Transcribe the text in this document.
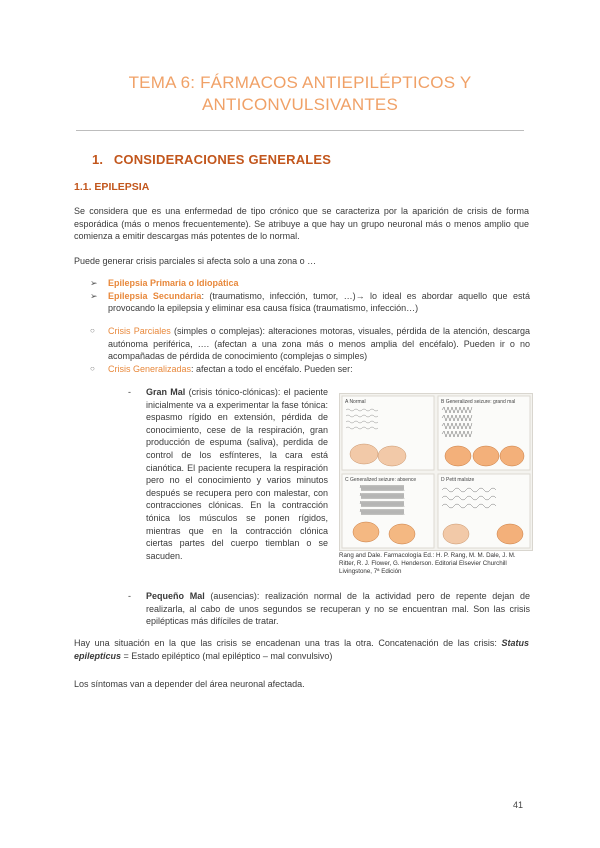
TEMA 6: FÁRMACOS ANTIEPILÉPTICOS Y
ANTICONVULSIVANTES
1. CONSIDERACIONES GENERALES
1.1. EPILEPSIA

Se considera que es una enfermedad de tipo crónico que se caracteriza por la aparición de crisis de forma esporádica (más o menos frecuentemente). Se atribuye a que hay un grupo neuronal más o menos amplio que comienza a emitir descargas más potentes de lo normal.

Puede generar crisis parciales si afecta solo a una zona o …

➢ Epilepsia Primaria o Idiopática
➢ Epilepsia Secundaria: (traumatismo, infección, tumor, …)→ lo ideal es abordar aquello que está provocando la epilepsia y eliminar esa causa física (traumatismo, infección…)
○ Crisis Parciales (simples o complejas): alteraciones motoras, visuales, pérdida de la atención, descarga autónoma periférica, …. (afectan a una zona más o menos amplia del encéfalo). Pueden ir o no acompañadas de pérdida de conocimiento (complejas o simples)
○ Crisis Generalizadas: afectan a todo el encéfalo. Pueden ser:
-	Gran Mal (crisis tónico-clónicas): el paciente inicialmente va a experimentar la fase tónica: espasmo rígido en extensión, pérdida de conocimiento, cese de la respiración, gran producción de espuma (saliva), perdida de control de los esfínteres, la cara está cianótica. El paciente recupera la respiración pero no el conocimiento y varios minutos después se recupera pero con malestar, con contracciones clónicas. En la contracción tónica los músculos se ponen rígidos, mientras que en la contracción clónica ciertas partes del cuerpo tiemblan o se sacuden.
A Normal	B Generalized seizure: grand mal
C Generalized seizure: absence	D Petit malsize
Rang and Dale. Farmacología Ed.: H. P. Rang, M. M. Dale, J. M. Ritter, R. J. Flower, G. Henderson. Editorial Elsevier Churchill Livingstone, 7ª Edición
-	Pequeño Mal (ausencias): realización normal de la actividad pero de repente dejan de realizarla, al cabo de unos segundos se recuperan y no se encuentran mal. Son las crisis epilépticas más difíciles de tratar.

Hay una situación en la que las crisis se encadenan una tras la otra. Concatenación de las crisis: Status epilepticus = Estado epiléptico (mal epiléptico – mal convulsivo)

Los síntomas van a depender del área neuronal afectada.

41
